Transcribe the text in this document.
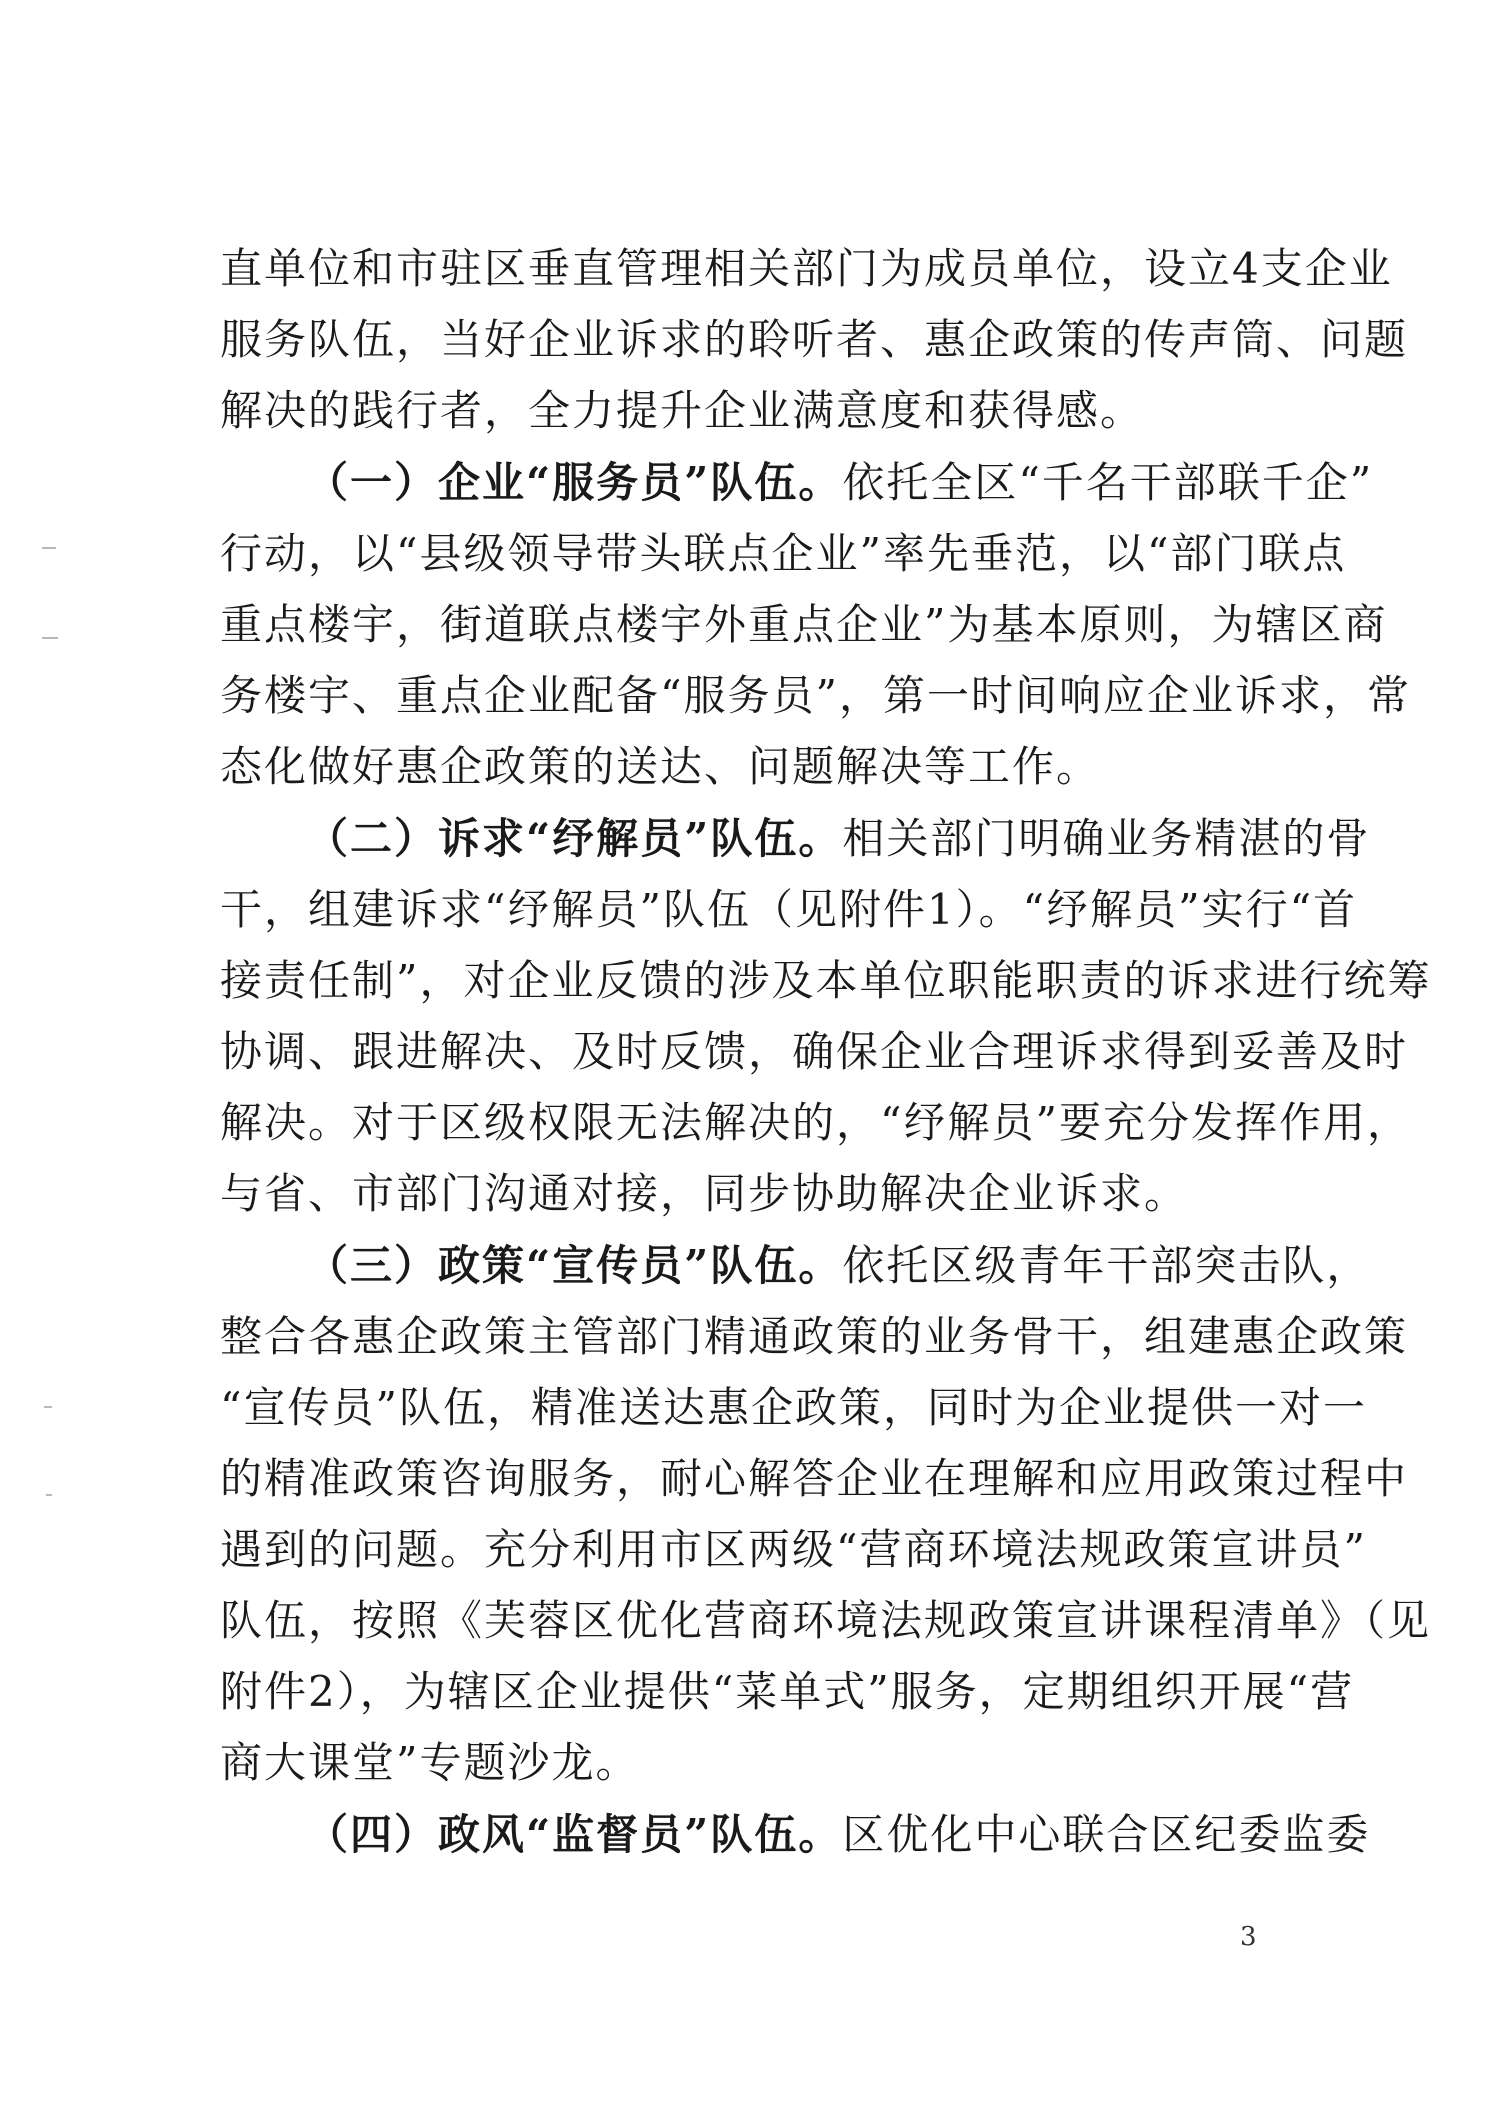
直单位和市驻区垂直管理相关部门为成员单位，设立4支企业
服务队伍，当好企业诉求的聆听者、惠企政策的传声筒、问题
解决的践行者，全力提升企业满意度和获得感。
（一）企业“服务员”队伍。依托全区“千名干部联千企”
行动，以“县级领导带头联点企业”率先垂范，以“部门联点
重点楼宇，街道联点楼宇外重点企业”为基本原则，为辖区商
务楼宇、重点企业配备“服务员”，第一时间响应企业诉求，常
态化做好惠企政策的送达、问题解决等工作。
（二）诉求“纾解员”队伍。相关部门明确业务精湛的骨
干，组建诉求“纾解员”队伍（见附件1）。“纾解员”实行“首
接责任制”，对企业反馈的涉及本单位职能职责的诉求进行统筹
协调、跟进解决、及时反馈，确保企业合理诉求得到妥善及时
解决。对于区级权限无法解决的，“纾解员”要充分发挥作用，
与省、市部门沟通对接，同步协助解决企业诉求。
（三）政策“宣传员”队伍。依托区级青年干部突击队，
整合各惠企政策主管部门精通政策的业务骨干，组建惠企政策
“宣传员”队伍，精准送达惠企政策，同时为企业提供一对一
的精准政策咨询服务，耐心解答企业在理解和应用政策过程中
遇到的问题。充分利用市区两级“营商环境法规政策宣讲员”
队伍，按照《芙蓉区优化营商环境法规政策宣讲课程清单》（见
附件2），为辖区企业提供“菜单式”服务，定期组织开展“营
商大课堂”专题沙龙。
（四）政风“监督员”队伍。区优化中心联合区纪委监委
3
